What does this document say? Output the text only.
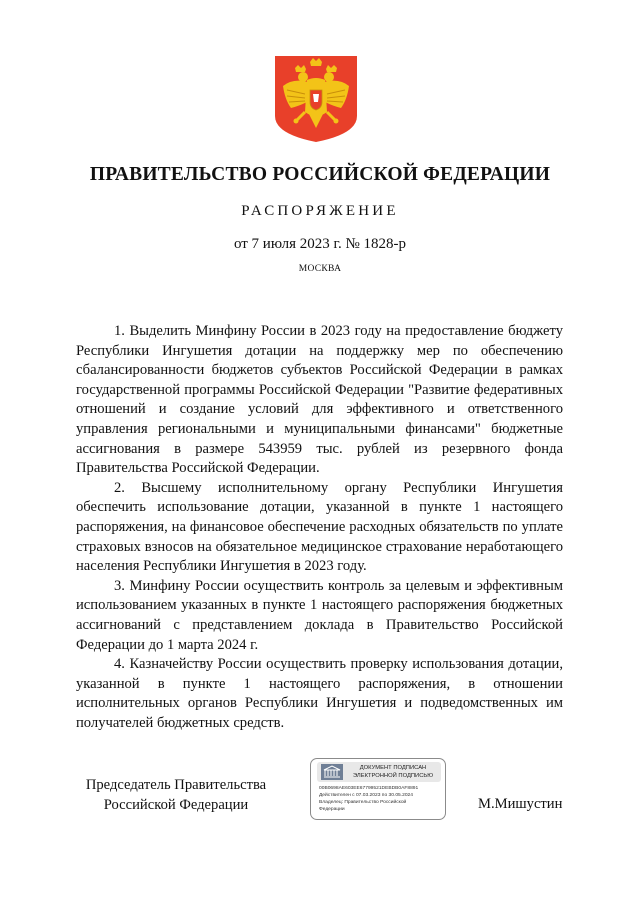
ПРАВИТЕЛЬСТВО РОССИЙСКОЙ ФЕДЕРАЦИИ
РАСПОРЯЖЕНИЕ
от 7 июля 2023 г. № 1828-р
МОСКВА

1. Выделить Минфину России в 2023 году на предоставление бюджету Республики Ингушетия дотации на поддержку мер по обеспечению сбалансированности бюджетов субъектов Российской Федерации в рамках государственной программы Российской Федерации "Развитие федеративных отношений и создание условий для эффективного и ответственного управления региональными и муниципальными финансами" бюджетные ассигнования в размере 543959 тыс. рублей из резервного фонда Правительства Российской Федерации.

2. Высшему исполнительному органу Республики Ингушетия обеспечить использование дотации, указанной в пункте 1 настоящего распоряжения, на финансовое обеспечение расходных обязательств по уплате страховых взносов на обязательное медицинское страхование неработающего населения Республики Ингушетия в 2023 году.

3. Минфину России осуществить контроль за целевым и эффективным использованием указанных в пункте 1 настоящего распоряжения бюджетных ассигнований с представлением доклада в Правительство Российской Федерации до 1 марта 2024 г.

4. Казначейству России осуществить проверку использования дотации, указанной в пункте 1 настоящего распоряжения, в отношении исполнительных органов Республики Ингушетия и подведомственных им получателей бюджетных средств.

Председатель Правительства
Российской Федерации
ДОКУМЕНТ ПОДПИСАН
ЭЛЕКТРОННОЙ ПОДПИСЬЮ
00B0698AE603EE67799521DEBDB0AF8891
Действителен с 07.03.2023 по 30.05.2024
Владелец: Правительство Российской
Федерации	М.Мишустин
